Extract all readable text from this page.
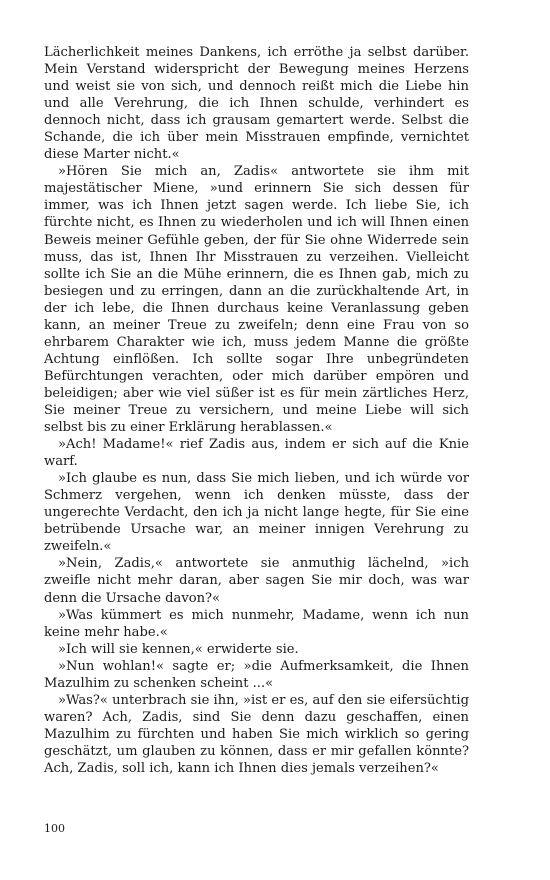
Lächerlichkeit meines Dankens, ich erröthe ja selbst darüber. Mein Verstand widerspricht der Bewegung meines Herzens und weist sie von sich, und dennoch reißt mich die Liebe hin und alle Verehrung, die ich Ihnen schulde, verhindert es dennoch nicht, dass ich grausam gemartert werde. Selbst die Schande, die ich über mein Misstrauen empfinde, vernichtet diese Marter nicht.«

»Hören Sie mich an, Zadis« antwortete sie ihm mit majestätischer Miene, »und erinnern Sie sich dessen für immer, was ich Ihnen jetzt sagen werde. Ich liebe Sie, ich fürchte nicht, es Ihnen zu wiederholen und ich will Ihnen einen Beweis meiner Gefühle geben, der für Sie ohne Widerrede sein muss, das ist, Ihnen Ihr Misstrauen zu verzeihen. Vielleicht sollte ich Sie an die Mühe erinnern, die es Ihnen gab, mich zu besiegen und zu erringen, dann an die zurückhaltende Art, in der ich lebe, die Ihnen durchaus keine Veranlassung geben kann, an meiner Treue zu zweifeln; denn eine Frau von so ehrbarem Charakter wie ich, muss jedem Manne die größte Achtung einflößen. Ich sollte sogar Ihre unbegründeten Befürchtungen verachten, oder mich darüber empören und beleidigen; aber wie viel süßer ist es für mein zärtliches Herz, Sie meiner Treue zu versichern, und meine Liebe will sich selbst bis zu einer Erklärung herablassen.«

»Ach! Madame!« rief Zadis aus, indem er sich auf die Knie warf.

»Ich glaube es nun, dass Sie mich lieben, und ich würde vor Schmerz vergehen, wenn ich denken müsste, dass der ungerechte Verdacht, den ich ja nicht lange hegte, für Sie eine betrübende Ursache war, an meiner innigen Verehrung zu zweifeln.«

»Nein, Zadis,« antwortete sie anmuthig lächelnd, »ich zweifle nicht mehr daran, aber sagen Sie mir doch, was war denn die Ursache davon?«

»Was kümmert es mich nunmehr, Madame, wenn ich nun keine mehr habe.«

»Ich will sie kennen,« erwiderte sie.

»Nun wohlan!« sagte er; »die Aufmerksamkeit, die Ihnen Mazulhim zu schenken scheint ...«

»Was?« unterbrach sie ihn, »ist er es, auf den sie eifersüchtig waren? Ach, Zadis, sind Sie denn dazu geschaffen, einen Mazulhim zu fürchten und haben Sie mich wirklich so gering geschätzt, um glauben zu können, dass er mir gefallen könnte? Ach, Zadis, soll ich, kann ich Ihnen dies jemals verzeihen?«

100
